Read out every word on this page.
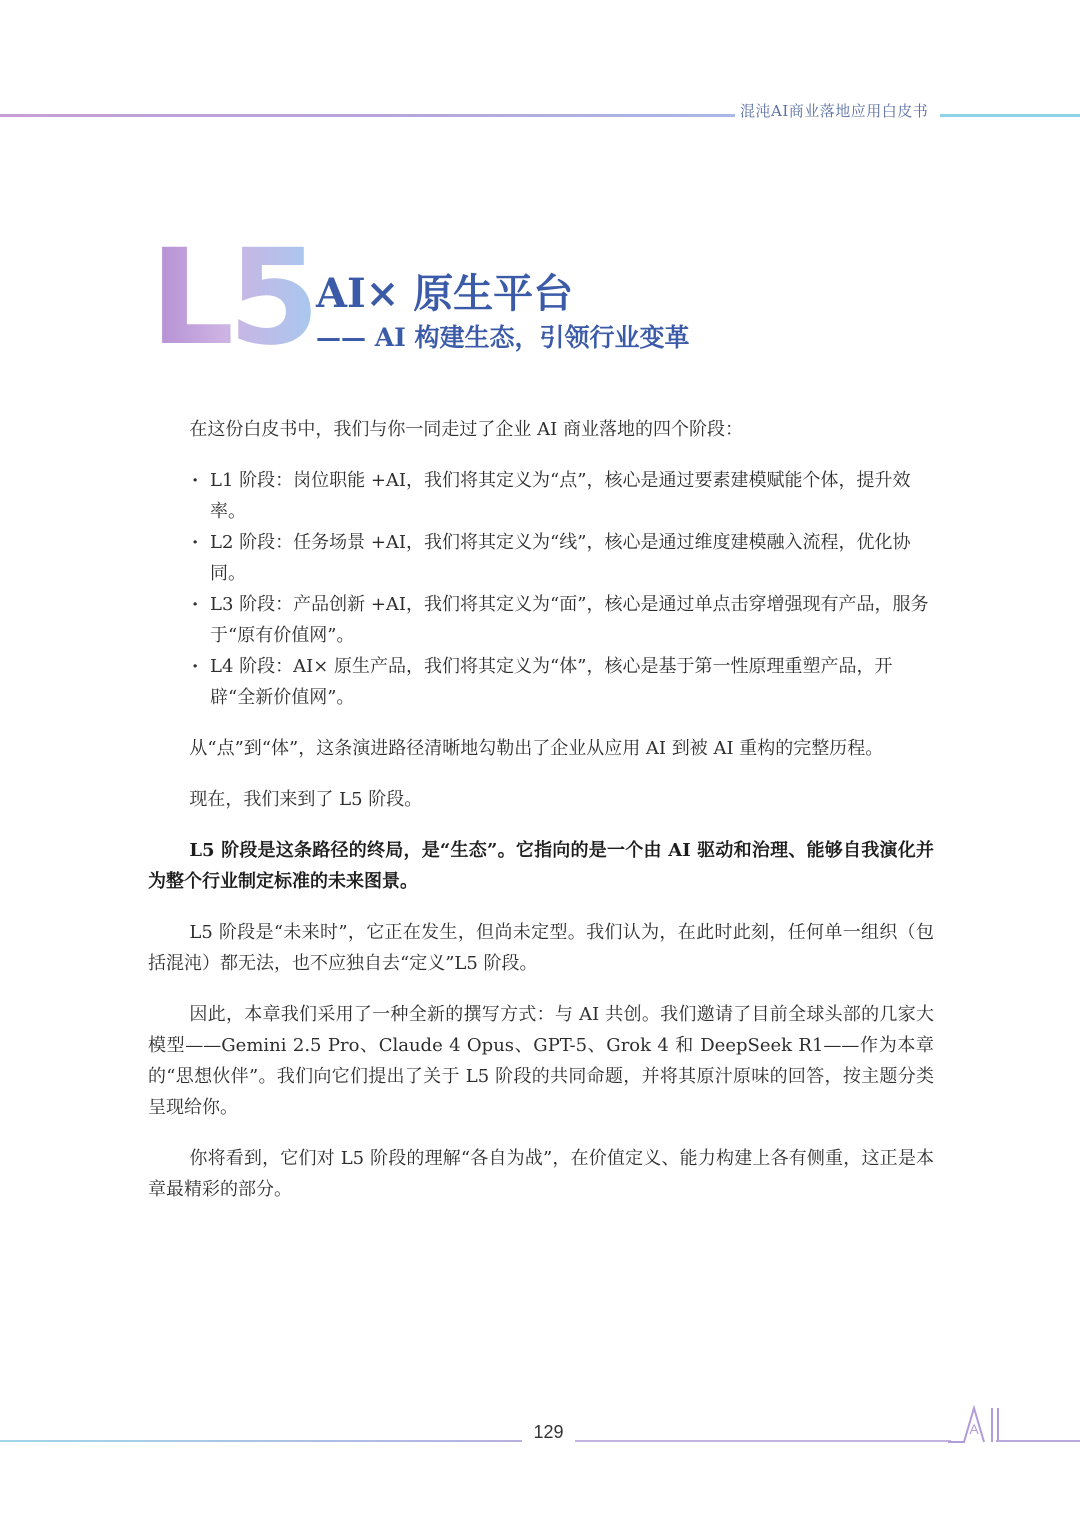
混沌AI商业落地应用白皮书
L5 AI× 原生平台
—— AI 构建生态，引领行业变革

在这份白皮书中，我们与你一同走过了企业 AI 商业落地的四个阶段：

· L1 阶段：岗位职能 +AI，我们将其定义为“点”，核心是通过要素建模赋能个体，提升效率。
· L2 阶段：任务场景 +AI，我们将其定义为“线”，核心是通过维度建模融入流程，优化协同。
· L3 阶段：产品创新 +AI，我们将其定义为“面”，核心是通过单点击穿增强现有产品，服务于“原有价值网”。
· L4 阶段：AI× 原生产品，我们将其定义为“体”，核心是基于第一性原理重塑产品，开辟“全新价值网”。

从“点”到“体”，这条演进路径清晰地勾勒出了企业从应用 AI 到被 AI 重构的完整历程。

现在，我们来到了 L5 阶段。

L5 阶段是这条路径的终局，是“生态”。它指向的是一个由 AI 驱动和治理、能够自我演化并为整个行业制定标准的未来图景。

L5 阶段是“未来时”，它正在发生，但尚未定型。我们认为，在此时此刻，任何单一组织（包括混沌）都无法，也不应独自去“定义”L5 阶段。

因此，本章我们采用了一种全新的撰写方式：与 AI 共创。我们邀请了目前全球头部的几家大模型——Gemini 2.5 Pro、Claude 4 Opus、GPT-5、Grok 4 和 DeepSeek R1——作为本章的“思想伙伴”。我们向它们提出了关于 L5 阶段的共同命题，并将其原汁原味的回答，按主题分类呈现给你。

你将看到，它们对 L5 阶段的理解“各自为战”，在价值定义、能力构建上各有侧重，这正是本章最精彩的部分。

129	A
